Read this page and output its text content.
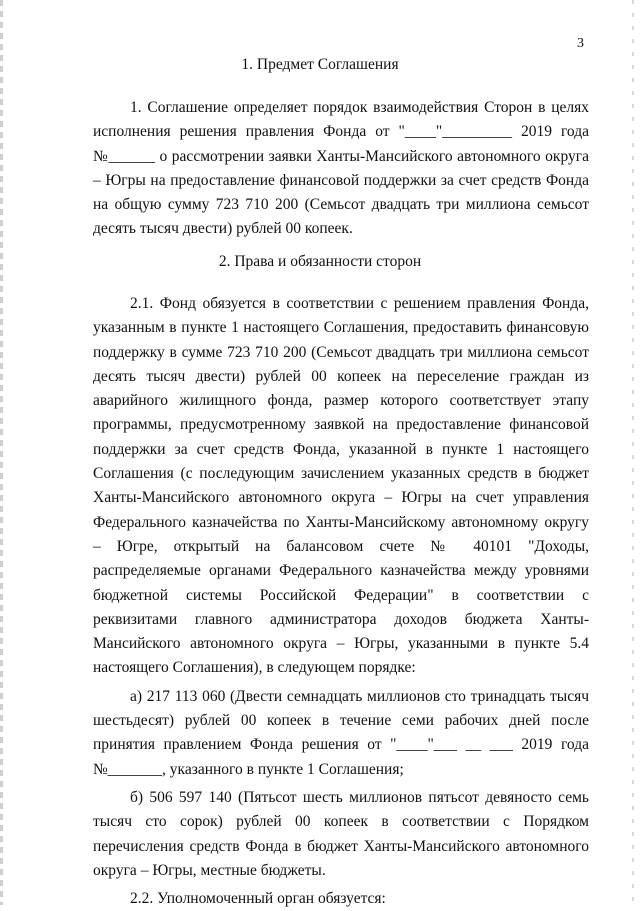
3
1. Предмет Соглашения

1. Соглашение определяет порядок взаимодействия Сторон в целях исполнения решения правления Фонда от "____"_________ 2019 года №______ о рассмотрении заявки Ханты-Мансийского автономного округа – Югры на предоставление финансовой поддержки за счет средств Фонда на общую сумму 723 710 200 (Семьсот двадцать три миллиона семьсот десять тысяч двести) рублей 00 копеек.

2. Права и обязанности сторон

2.1. Фонд обязуется в соответствии с решением правления Фонда, указанным в пункте 1 настоящего Соглашения, предоставить финансовую поддержку в сумме 723 710 200 (Семьсот двадцать три миллиона семьсот десять тысяч двести) рублей 00 копеек на переселение граждан из аварийного жилищного фонда, размер которого соответствует этапу программы, предусмотренному заявкой на предоставление финансовой поддержки за счет средств Фонда, указанной в пункте 1 настоящего Соглашения (с последующим зачислением указанных средств в бюджет Ханты-Мансийского автономного округа – Югры на счет управления Федерального казначейства по Ханты-Мансийскому автономному округу – Югре, открытый на балансовом счете № 40101 "Доходы, распределяемые органами Федерального казначейства между уровнями бюджетной системы Российской Федерации" в соответствии с реквизитами главного администратора доходов бюджета Ханты-Мансийского автономного округа – Югры, указанными в пункте 5.4 настоящего Соглашения), в следующем порядке:

а) 217 113 060 (Двести семнадцать миллионов сто тринадцать тысяч шестьдесят) рублей 00 копеек в течение семи рабочих дней после принятия правлением Фонда решения от "____"___ __ ___ 2019 года №_______, указанного в пункте 1 Соглашения;

б) 506 597 140 (Пятьсот шесть миллионов пятьсот девяносто семь тысяч сто сорок) рублей 00 копеек в соответствии с Порядком перечисления средств Фонда в бюджет Ханты-Мансийского автономного округа – Югры, местные бюджеты.

2.2. Уполномоченный орган обязуется:
